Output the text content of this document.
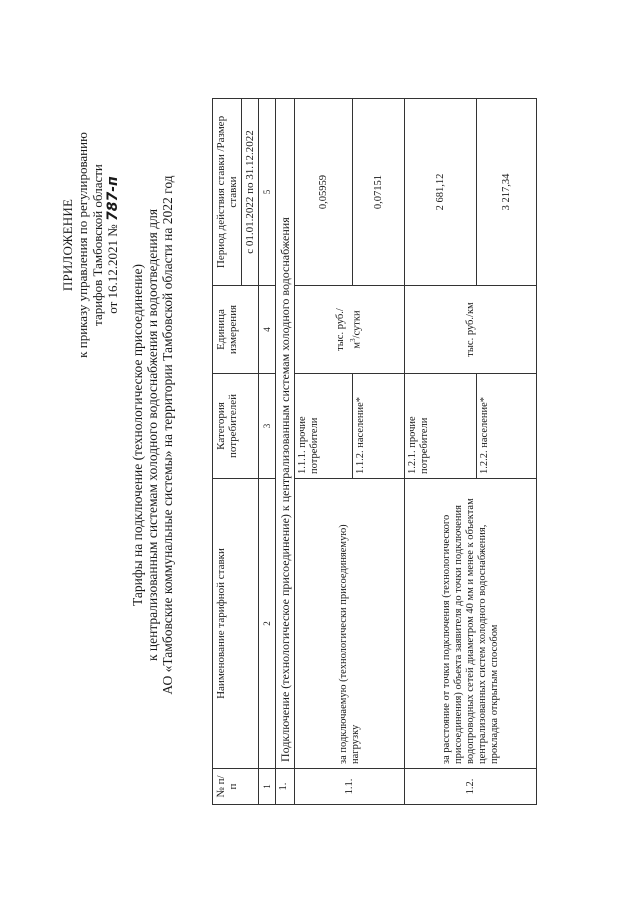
ПРИЛОЖЕНИЕ к приказу управления по регулированию тарифов Тамбовской области от 16.12.2021 № 787-п
Тарифы на подключение (технологическое присоединение) к централизованным системам холодного водоснабжения и водоотведения для АО «Тамбовские коммунальные системы» на территории Тамбовской области на 2022 год
№ п/п	Наименование тарифной ставки	Категория потребителей	Единица измерения	Период действия ставки /Размер ставки
				с 01.01.2022 по 31.12.2022
1	2	3	4	5
1.	Подключение (технологическое присоединение) к централизованным системам холодного водоснабжения			
1.1.	за подключаемую (технологически присоединяемую) нагрузку	1.1.1. прочие потребители	тыс. руб./ $м^3$/сутки	0,05959
		1.1.2. население*		0,07151
1.2.	за расстояние от точки подключения (технологического присоединения) объекта заявителя до точки подключения водопроводных сетей диаметром 40 мм и менее к объектам централизованных систем холодного водоснабжения, прокладка открытым способом	1.2.1. прочие потребители	тыс. руб./км	2 681,12
		1.2.2. население*		3 217,34
